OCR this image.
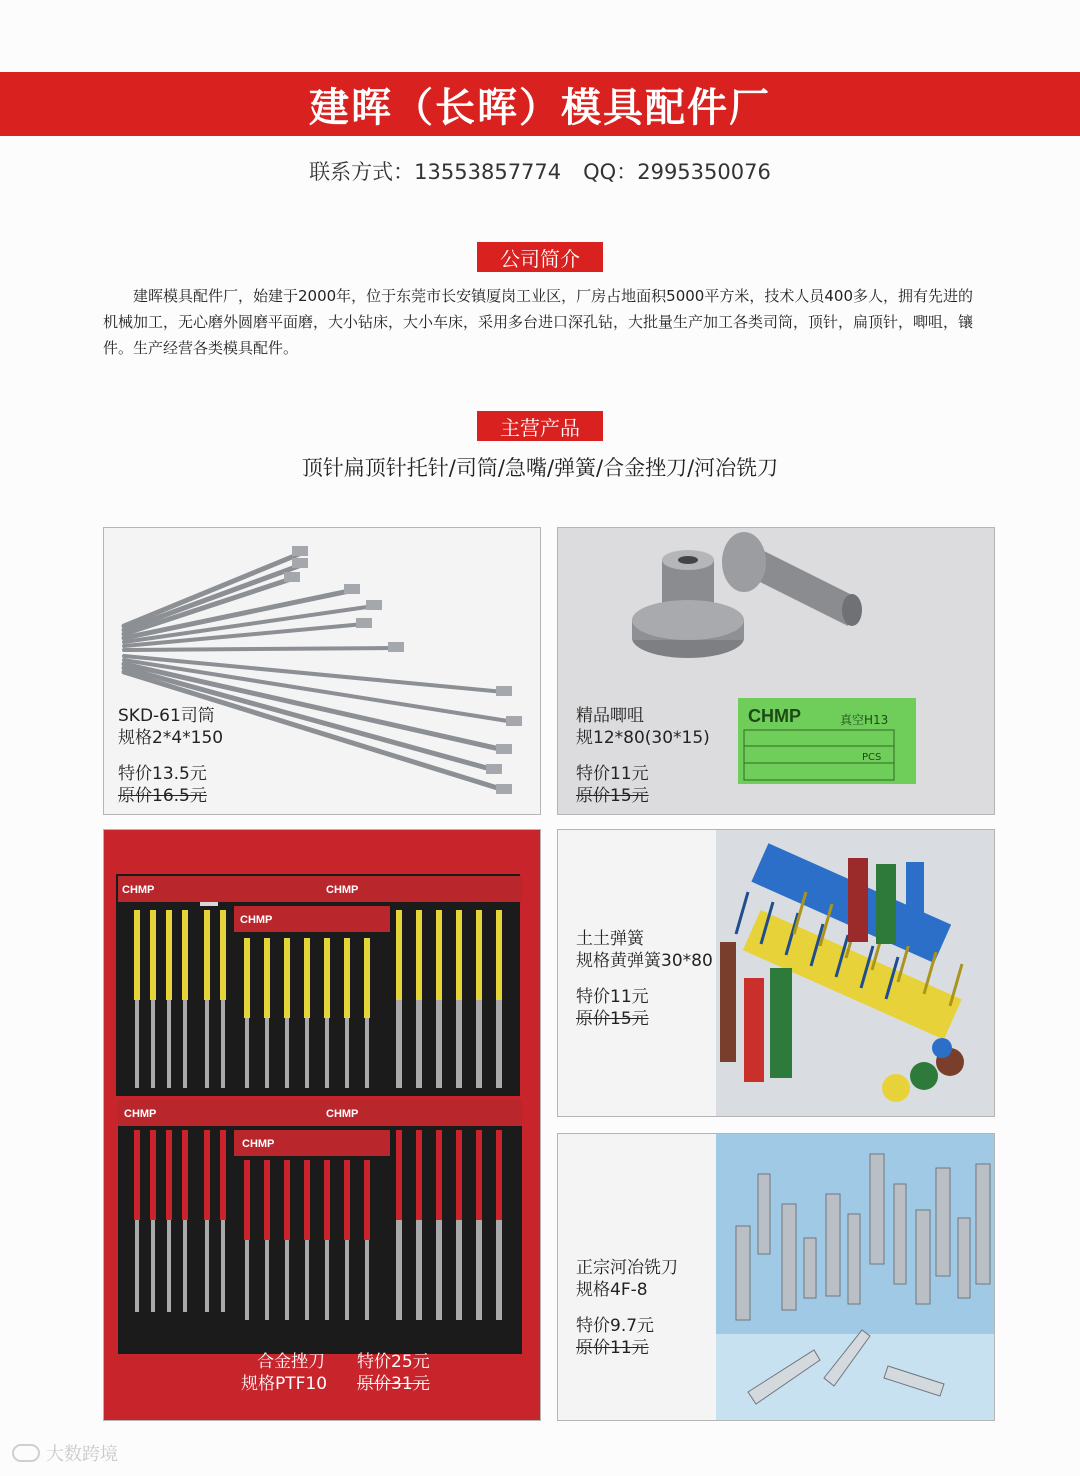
建晖（长晖）模具配件厂
联系方式：13553857774 QQ：2995350076
公司简介

建晖模具配件厂，始建于2000年，位于东莞市长安镇厦岗工业区，厂房占地面积5000平方米，技术人员400多人，拥有先进的机械加工，无心磨外圆磨平面磨，大小钻床，大小车床，采用多台进口深孔钻，大批量生产加工各类司筒，顶针，扁顶针，唧咀，镶件。生产经营各类模具配件。

主营产品
顶针扁顶针托针/司筒/急嘴/弹簧/合金挫刀/河冶铣刀
SKD-61司筒
规格2*4*150
特价13.5元
原价16.5元
CHMP	真空H13
PCS
精品唧咀
规12*80(30*15)
特价11元
原价15元
CHMP	CHMP
CHMP
CHMP	CHMP
CHMP
合金挫刀
规格PTF10
特价25元
原价31元
土土弹簧
规格黄弹簧30*80
特价11元
原价15元
正宗河冶铣刀
规格4F-8
特价9.7元
原价11元
大数跨境
